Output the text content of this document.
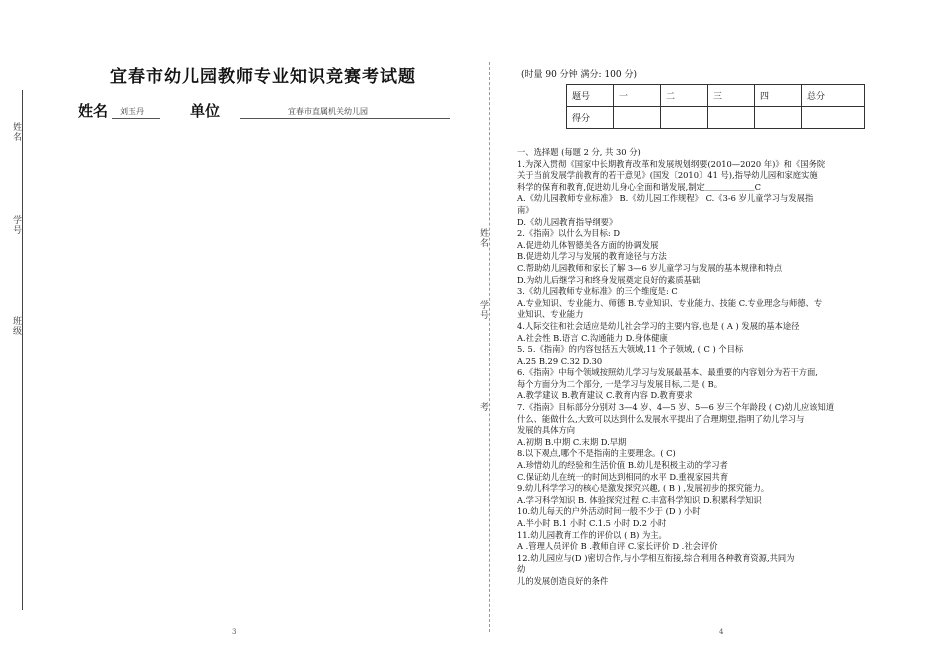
姓名
学号
班级
宜春市幼儿园教师专业知识竞赛考试题
姓名 刘玉丹	单位	宜春市直属机关幼儿园
3
姓名
学号
考
(时量 90 分钟 满分: 100 分)
题号	一	二	三	四	总分
得分					
一、选择题 (每题 2 分, 共 30 分)
1.为深入贯彻《国家中长期教育改革和发展规划纲要(2010—2020 年)》和《国务院
关于当前发展学前教育的若干意见》(国发〔2010〕41 号),指导幼儿园和家庭实施
科学的保育和教育,促进幼儿身心全面和谐发展,制定＿＿＿＿＿＿C
A.《幼儿园教师专业标准》 B.《幼儿园工作规程》 C.《3-6 岁儿童学习与发展指
南》
D.《幼儿园教育指导纲要》
2.《指南》以什么为目标: D
A.促进幼儿体智德美各方面的协调发展
B.促进幼儿学习与发展的教育途径与方法
C.帮助幼儿园教师和家长了解 3—6 岁儿童学习与发展的基本规律和特点
D.为幼儿后继学习和终身发展奠定良好的素质基础
3.《幼儿园教师专业标准》的三个维度是: C
A.专业知识、专业能力、师德 B.专业知识、专业能力、技能 C.专业理念与师德、专
业知识、专业能力
4.人际交往和社会适应是幼儿社会学习的主要内容,也是 ( A ) 发展的基本途径
A.社会性 B.语言 C.沟通能力 D.身体健康
5. 5.《指南》的内容包括五大领域,11 个子领域, ( C ) 个目标
A.25 B.29 C.32 D.30
6.《指南》中每个领域按照幼儿学习与发展最基本、最重要的内容划分为若干方面,
每个方面分为二个部分, 一是学习与发展目标,二是 ( B。
A.教学建议 B.教育建议 C.教育内容 D.教育要求
7.《指南》目标部分分别对 3—4 岁、4—5 岁、5—6 岁三个年龄段 ( C)幼儿应该知道
什么、能做什么,大致可以达到什么发展水平提出了合理期望,指明了幼儿学习与
发展的具体方向
A.初期 B.中期 C.末期 D.早期
8.以下观点,哪个不是指南的主要理念。( C)
A.珍惜幼儿的经验和生活价值 B.幼儿是积极主动的学习者
C.保证幼儿在统一的时间达到相同的水平 D.重视家园共育
9.幼儿科学学习的核心是激发探究兴趣, ( B ) ,发展初步的探究能力。
A.学习科学知识 B. 体验探究过程 C.丰富科学知识 D.积累科学知识
10.幼儿每天的户外活动时间一般不少于 (D ) 小时
A.半小时 B.1 小时 C.1.5 小时 D.2 小时
11.幼儿园教育工作的评价以 ( B) 为主。
A .管理人员评价 B .教师自评 C.家长评价 D .社会评价
12.幼儿园应与(D )密切合作,与小学相互衔接,综合利用各种教育资源,共同为
幼
儿的发展创造良好的条件
4
